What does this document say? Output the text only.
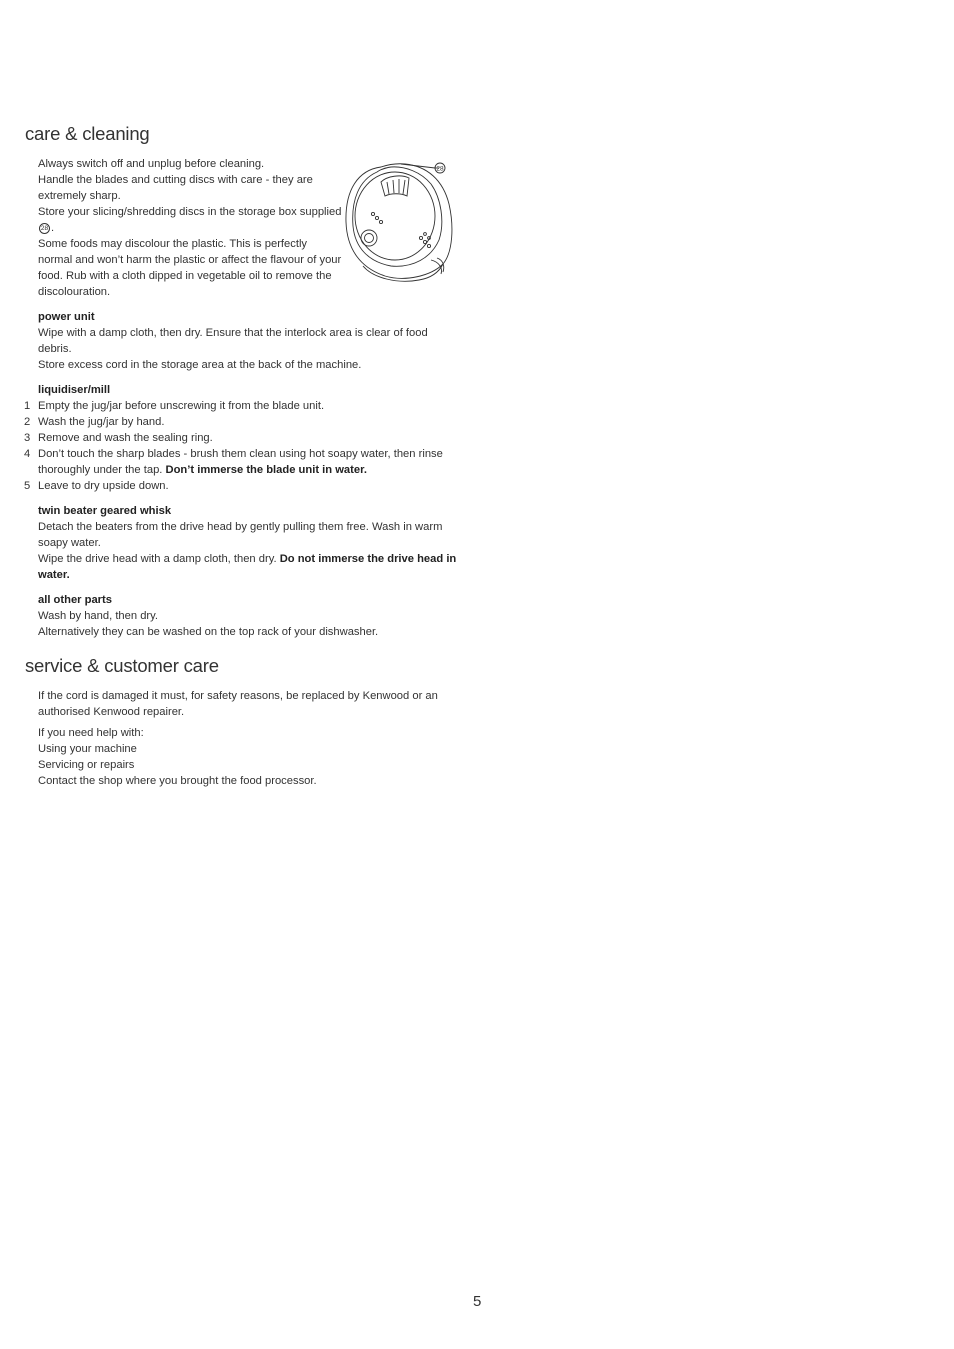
care & cleaning

Always switch off and unplug before cleaning.

Handle the blades and cutting discs with care - they are extremely sharp.

Store your slicing/shredding discs in the storage box supplied 28 .

Some foods may discolour the plastic. This is perfectly normal and won’t harm the plastic or affect the flavour of your food. Rub with a cloth dipped in vegetable oil to remove the discolouration.

power unit

Wipe with a damp cloth, then dry. Ensure that the interlock area is clear of food debris.

Store excess cord in the storage area at the back of the machine.

liquidiser/mill

1 Empty the jug/jar before unscrewing it from the blade unit.
2 Wash the jug/jar by hand.
3 Remove and wash the sealing ring.
4 Don’t touch the sharp blades - brush them clean using hot soapy water, then rinse thoroughly under the tap. Don’t immerse the blade unit in water.
5 Leave to dry upside down.

twin beater geared whisk

Detach the beaters from the drive head by gently pulling them free. Wash in warm soapy water.

Wipe the drive head with a damp cloth, then dry. Do not immerse the drive head in water.

all other parts

Wash by hand, then dry.

Alternatively they can be washed on the top rack of your dishwasher.

service & customer care

If the cord is damaged it must, for safety reasons, be replaced by Kenwood or an authorised Kenwood repairer.

If you need help with:

Using your machine

Servicing or repairs

Contact the shop where you brought the food processor.

28
5
